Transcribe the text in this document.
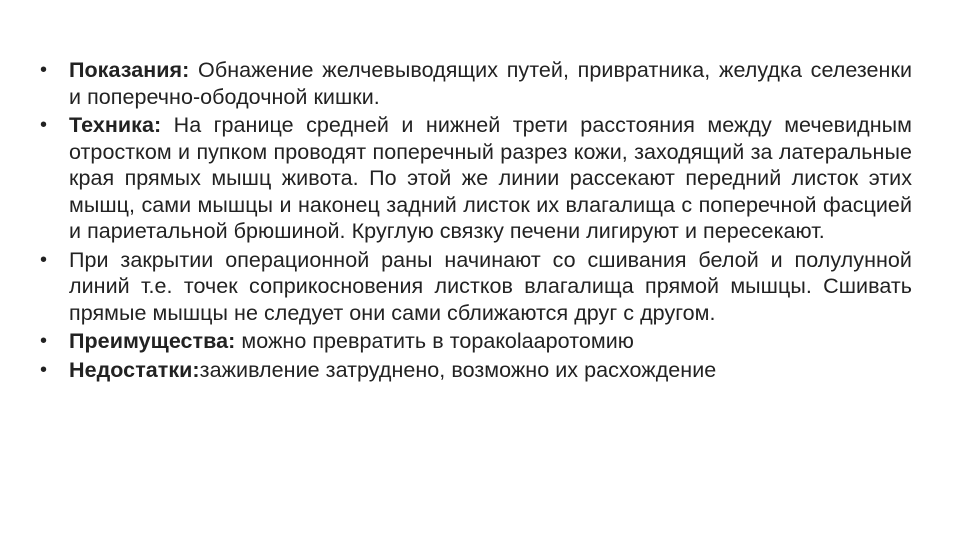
• Показания: Обнажение желчевыводящих путей, привратника, желудка селезенки и поперечно-ободочной кишки.
• Техника: На границе средней и нижней трети расстояния между мечевидным отростком и пупком проводят поперечный разрез кожи, заходящий за латеральные края прямых мышц живота. По этой же линии рассекают передний листок этих мышц, сами мышцы и наконец задний листок их влагалища с поперечной фасцией и париетальной брюшиной. Круглую связку печени лигируют и пересекают.
• При закрытии операционной раны начинают со сшивания белой и полулунной линий т.е. точек соприкосновения листков влагалища прямой мышцы. Сшивать прямые мышцы не следует они сами сближаются друг с другом.
• Преимущества: можно превратить в торакolaаротомию
• Недостатки:заживление затруднено, возможно их расхождение
